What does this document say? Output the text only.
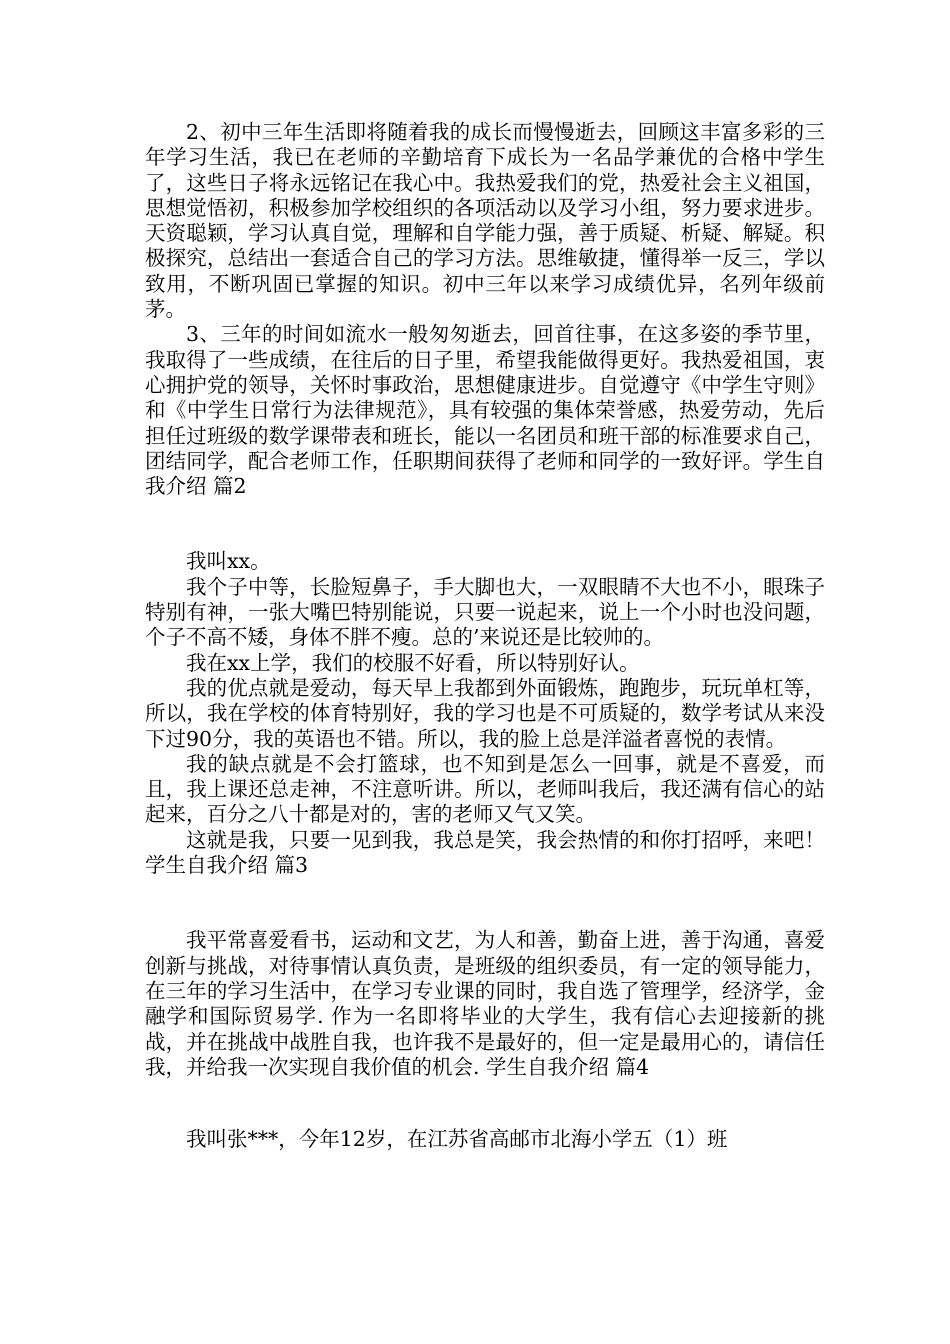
2、初中三年生活即将随着我的成长而慢慢逝去，回顾这丰富多彩的三年学习生活，我已在老师的辛勤培育下成长为一名品学兼优的合格中学生了，这些日子将永远铭记在我心中。我热爱我们的党，热爱社会主义祖国，思想觉悟初，积极参加学校组织的各项活动以及学习小组，努力要求进步。天资聪颖，学习认真自觉，理解和自学能力强，善于质疑、析疑、解疑。积极探究，总结出一套适合自己的学习方法。思维敏捷，懂得举一反三，学以致用，不断巩固已掌握的知识。初中三年以来学习成绩优异，名列年级前茅。

3、三年的时间如流水一般匆匆逝去，回首往事，在这多姿的季节里，我取得了一些成绩，在往后的日子里，希望我能做得更好。我热爱祖国，衷心拥护党的领导，关怀时事政治，思想健康进步。自觉遵守《中学生守则》和《中学生日常行为法律规范》，具有较强的集体荣誉感，热爱劳动，先后担任过班级的数学课带表和班长，能以一名团员和班干部的标准要求自己，团结同学，配合老师工作，任职期间获得了老师和同学的一致好评。学生自我介绍 篇2

我叫xx。

我个子中等，长脸短鼻子，手大脚也大，一双眼睛不大也不小，眼珠子特别有神，一张大嘴巴特别能说，只要一说起来，说上一个小时也没问题，个子不高不矮，身体不胖不瘦。总的’来说还是比较帅的。

我在xx上学，我们的校服不好看，所以特别好认。

我的优点就是爱动，每天早上我都到外面锻炼，跑跑步，玩玩单杠等，所以，我在学校的体育特别好，我的学习也是不可质疑的，数学考试从来没下过90分，我的英语也不错。所以，我的脸上总是洋溢者喜悦的表情。

我的缺点就是不会打篮球，也不知到是怎么一回事，就是不喜爱，而且，我上课还总走神，不注意听讲。所以，老师叫我后，我还满有信心的站起来，百分之八十都是对的，害的老师又气又笑。

这就是我，只要一见到我，我总是笑，我会热情的和你打招呼，来吧！学生自我介绍 篇3

我平常喜爱看书，运动和文艺，为人和善，勤奋上进，善于沟通，喜爱创新与挑战，对待事情认真负责，是班级的组织委员，有一定的领导能力，在三年的学习生活中，在学习专业课的同时，我自选了管理学，经济学，金融学和国际贸易学. 作为一名即将毕业的大学生，我有信心去迎接新的挑战，并在挑战中战胜自我，也许我不是最好的，但一定是最用心的，请信任我，并给我一次实现自我价值的机会. 学生自我介绍 篇4

我叫张***，今年12岁，在江苏省高邮市北海小学五（1）班
